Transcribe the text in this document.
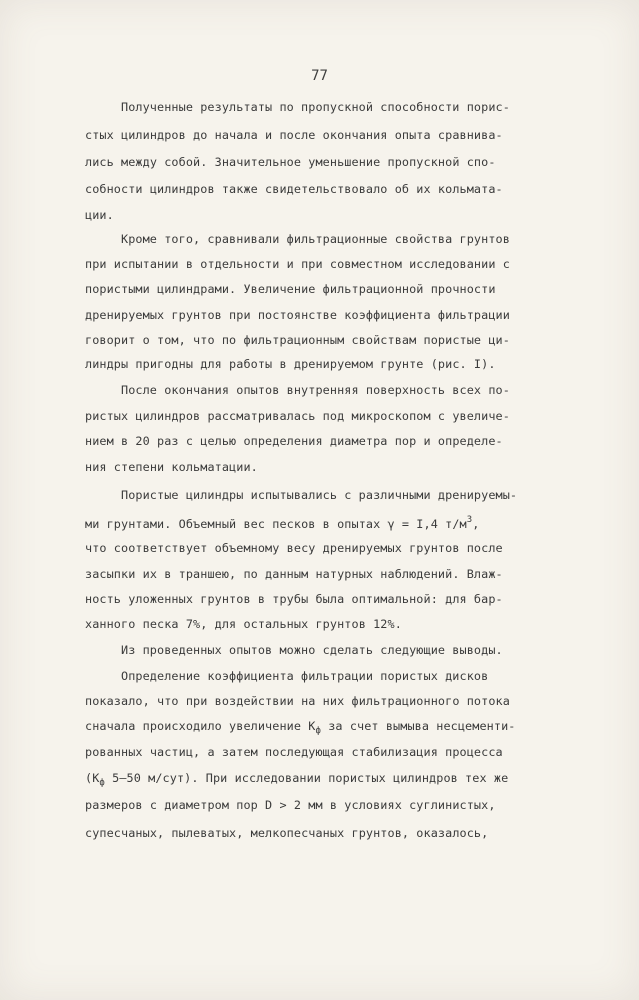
77
Полученные результаты по пропускной способности порис-
стых цилиндров до начала и после окончания опыта сравнива-
лись между собой. Значительное уменьшение пропускной спо-
собности цилиндров также свидетельствовало об их кольмата-
ции.
Кроме того, сравнивали фильтрационные свойства грунтов
при испытании в отдельности и при совместном исследовании с
пористыми цилиндрами. Увеличение фильтрационной прочности
дренируемых грунтов при постоянстве коэффициента фильтрации
говорит о том, что по фильтрационным свойствам пористые ци-
линдры пригодны для работы в дренируемом грунте (рис. I).
После окончания опытов внутренняя поверхность всех по-
ристых цилиндров рассматривалась под микроскопом с увеличе-
нием в 20 раз с целью определения диаметра пор и определе-
ния степени кольматации.
Пористые цилиндры испытывались с различными дренируемы-
ми грунтами. Объемный вес песков в опытах γ = I,4 $т/м^3$,
что соответствует объемному весу дренируемых грунтов после
засыпки их в траншею, по данным натурных наблюдений. Влаж-
ность уложенных грунтов в трубы была оптимальной: для бар-
ханного песка 7%, для остальных грунтов 12%.
Из проведенных опытов можно сделать следующие выводы.
Определение коэффициента фильтрации пористых дисков
показало, что при воздействии на них фильтрационного потока
сначала происходило увеличение $К_ф$ за счет вымыва несцементи-
рованных частиц, а затем последующая стабилизация процесса
($К_ф$ 5–50 м/сут). При исследовании пористых цилиндров тех же
размеров с диаметром пор D > 2 мм в условиях суглинистых,
супесчаных, пылеватых, мелкопесчаных грунтов, оказалось,
